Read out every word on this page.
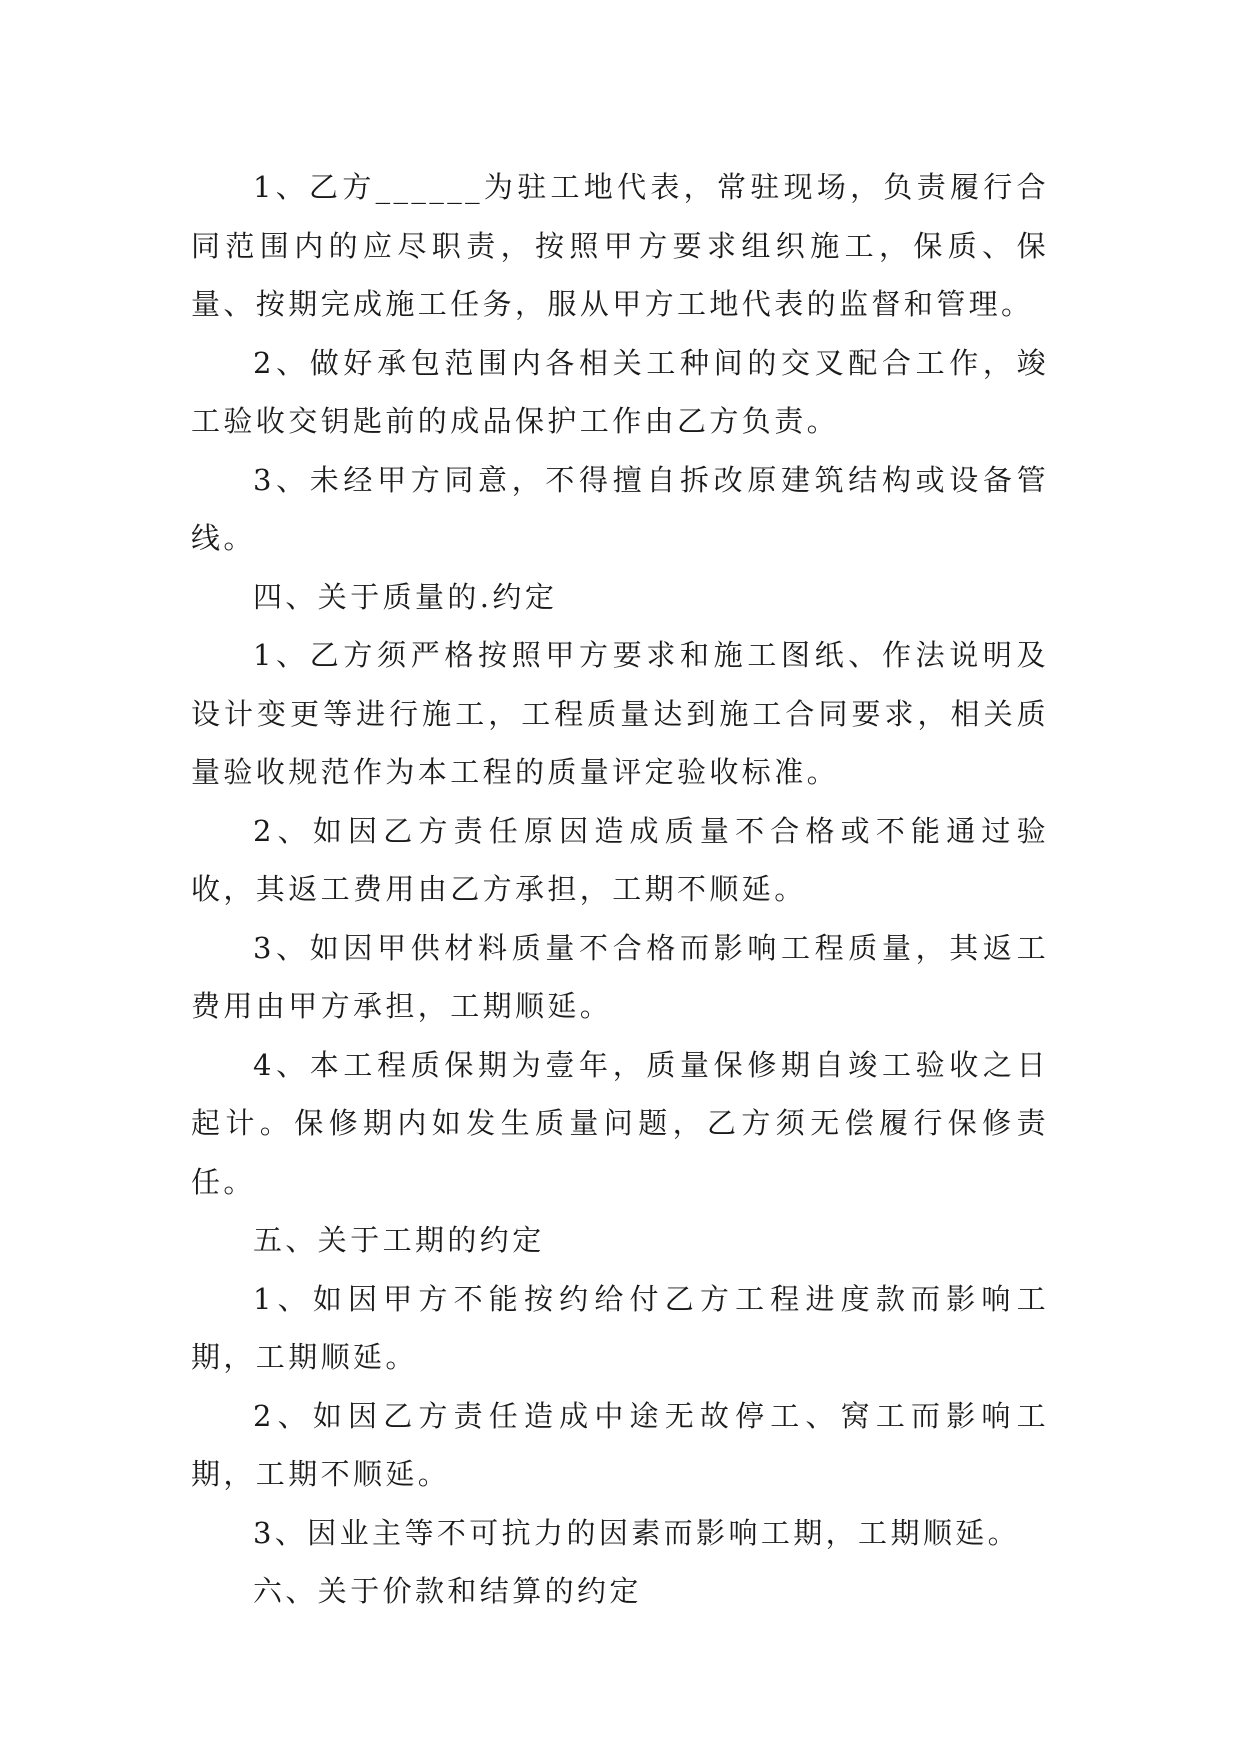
1、乙方______为驻工地代表，常驻现场，负责履行合同范围内的应尽职责，按照甲方要求组织施工，保质、保量、按期完成施工任务，服从甲方工地代表的监督和管理。

2、做好承包范围内各相关工种间的交叉配合工作，竣工验收交钥匙前的成品保护工作由乙方负责。

3、未经甲方同意，不得擅自拆改原建筑结构或设备管线。

四、关于质量的.约定

1、乙方须严格按照甲方要求和施工图纸、作法说明及设计变更等进行施工，工程质量达到施工合同要求，相关质量验收规范作为本工程的质量评定验收标准。

2、如因乙方责任原因造成质量不合格或不能通过验收，其返工费用由乙方承担，工期不顺延。

3、如因甲供材料质量不合格而影响工程质量，其返工费用由甲方承担，工期顺延。

4、本工程质保期为壹年，质量保修期自竣工验收之日起计。保修期内如发生质量问题，乙方须无偿履行保修责任。

五、关于工期的约定

1、如因甲方不能按约给付乙方工程进度款而影响工期，工期顺延。

2、如因乙方责任造成中途无故停工、窝工而影响工期，工期不顺延。

3、因业主等不可抗力的因素而影响工期，工期顺延。

六、关于价款和结算的约定
